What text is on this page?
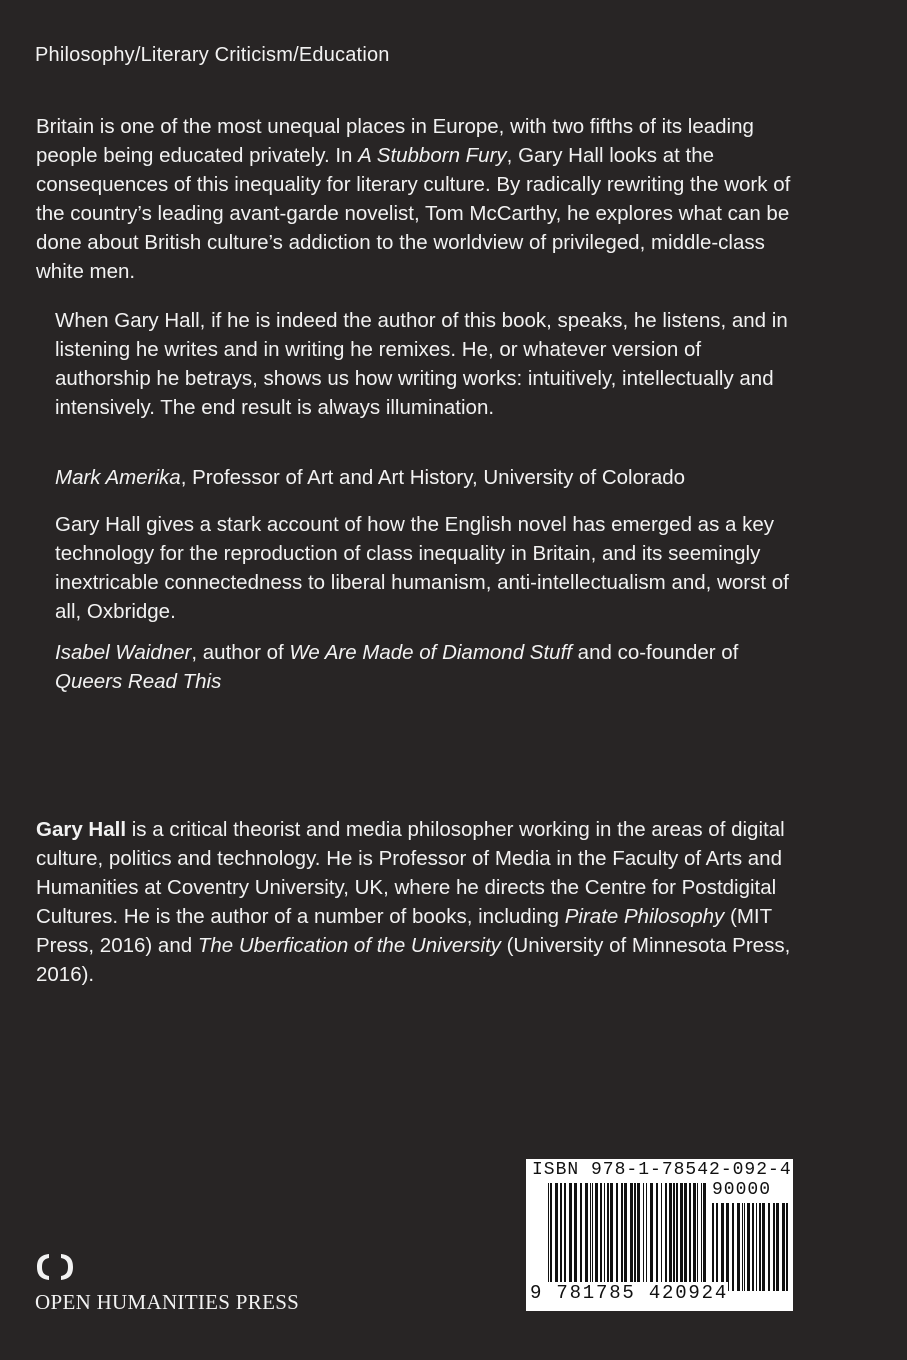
Philosophy/Literary Criticism/Education

Britain is one of the most unequal places in Europe, with two fifths of its leading people being educated privately. In A Stubborn Fury, Gary Hall looks at the consequences of this inequality for literary culture. By radically rewriting the work of the country’s leading avant-garde novelist, Tom McCarthy, he explores what can be done about British culture’s addiction to the worldview of privileged, middle-class white men.

When Gary Hall, if he is indeed the author of this book, speaks, he listens, and in listening he writes and in writing he remixes. He, or whatever version of authorship he betrays, shows us how writing works: intuitively, intellectually and intensively. The end result is always illumination.

Mark Amerika, Professor of Art and Art History, University of Colorado

Gary Hall gives a stark account of how the English novel has emerged as a key technology for the reproduction of class inequality in Britain, and its seemingly inextricable connectedness to liberal humanism, anti-intellectualism and, worst of all, Oxbridge.

Isabel Waidner, author of We Are Made of Diamond Stuff and co-founder of Queers Read This

Gary Hall is a critical theorist and media philosopher working in the areas of digital culture, politics and technology. He is Professor of Media in the Faculty of Arts and Humanities at Coventry University, UK, where he directs the Centre for Postdigital Cultures. He is the author of a number of books, including Pirate Philosophy (MIT Press, 2016) and The Uberfication of the University (University of Minnesota Press, 2016).

OPEN HUMANITIES PRESS
ISBN 978-1-78542-092-4
90000
9 781785 420924
